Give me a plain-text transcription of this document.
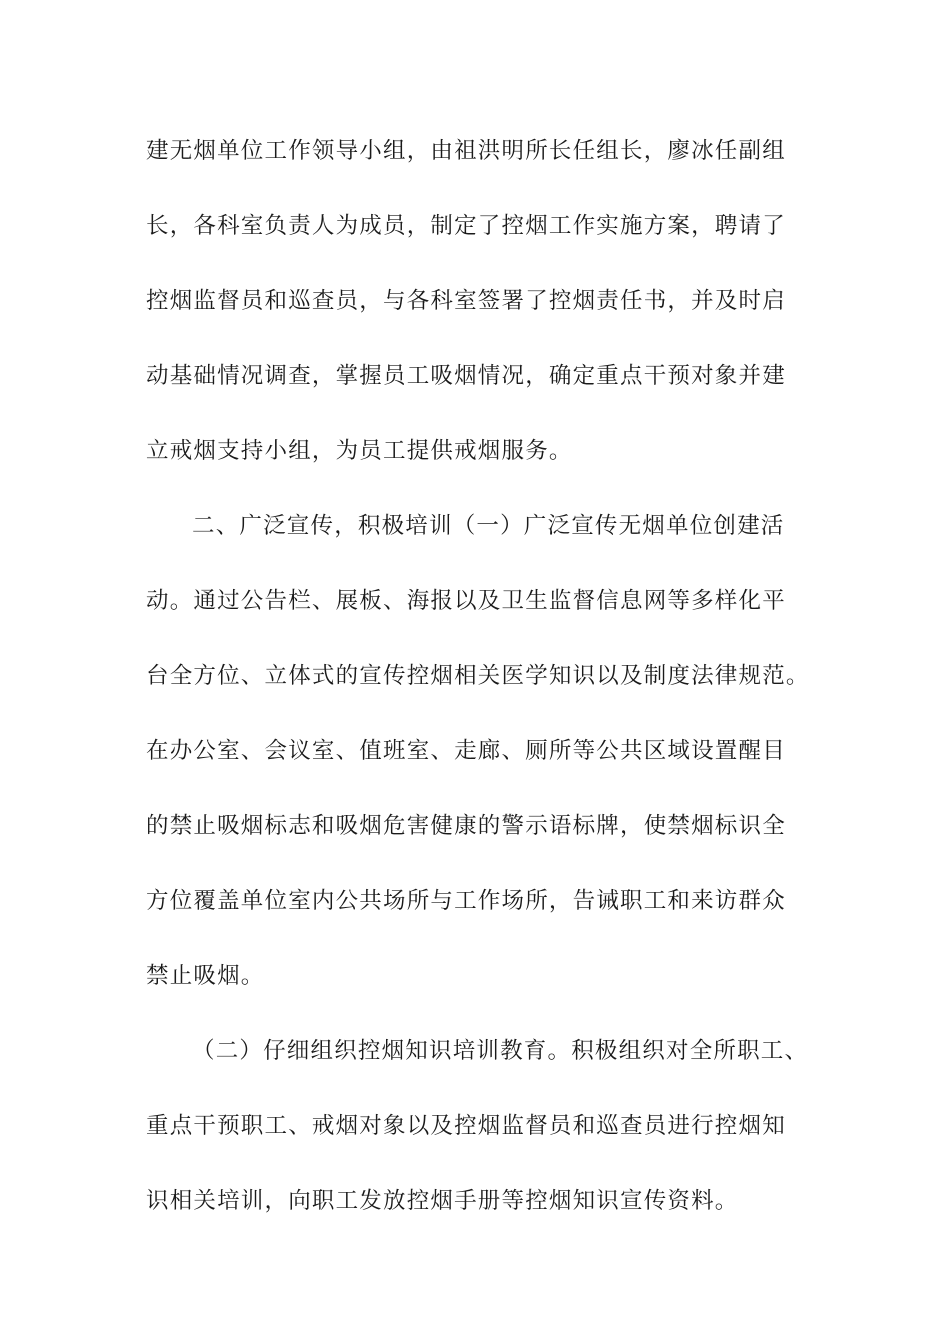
建无烟单位工作领导小组，由祖洪明所长任组长，廖冰任副组
长，各科室负责人为成员，制定了控烟工作实施方案，聘请了
控烟监督员和巡查员，与各科室签署了控烟责任书，并及时启
动基础情况调查，掌握员工吸烟情况，确定重点干预对象并建
立戒烟支持小组，为员工提供戒烟服务。
二、广泛宣传，积极培训（一）广泛宣传无烟单位创建活
动。通过公告栏、展板、海报以及卫生监督信息网等多样化平
台全方位、立体式的宣传控烟相关医学知识以及制度法律规范。
在办公室、会议室、值班室、走廊、厕所等公共区域设置醒目
的禁止吸烟标志和吸烟危害健康的警示语标牌，使禁烟标识全
方位覆盖单位室内公共场所与工作场所，告诫职工和来访群众
禁止吸烟。
（二）仔细组织控烟知识培训教育。积极组织对全所职工、
重点干预职工、戒烟对象以及控烟监督员和巡查员进行控烟知
识相关培训，向职工发放控烟手册等控烟知识宣传资料。
